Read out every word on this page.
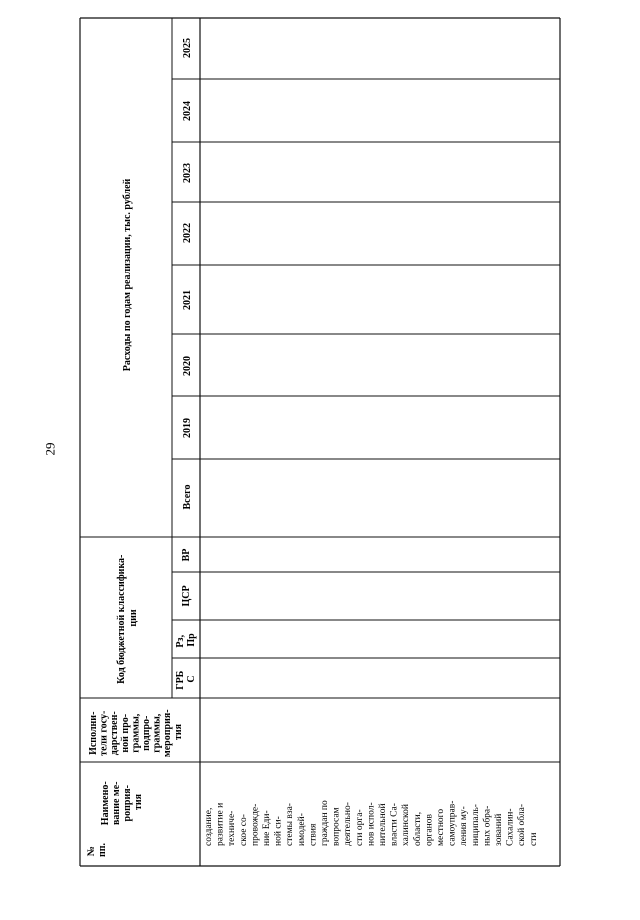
29
№ пп.
Наимено- вание ме- роприя- тия
Исполни- тели госу- дарствен- ной про- граммы, подпро- граммы, мероприя- тия
Код бюджетной классифика- ции
ГРБ С
Рз, Пр
ЦСР
ВР
Расходы по годам реализации, тыс. рублей
Всего
2019
2020
2021
2022
2023
2024
2025
создание, развитие и техниче- ское со- провожде- ние Еди- ной си- стемы вза- имодей- ствия граждан по вопросам деятельно- сти орга- нов испол- нительной власти Са- халинской области, органов местного самоуправ- ления му- ниципаль- ных обра- зований Сахалин- ской обла- сти
